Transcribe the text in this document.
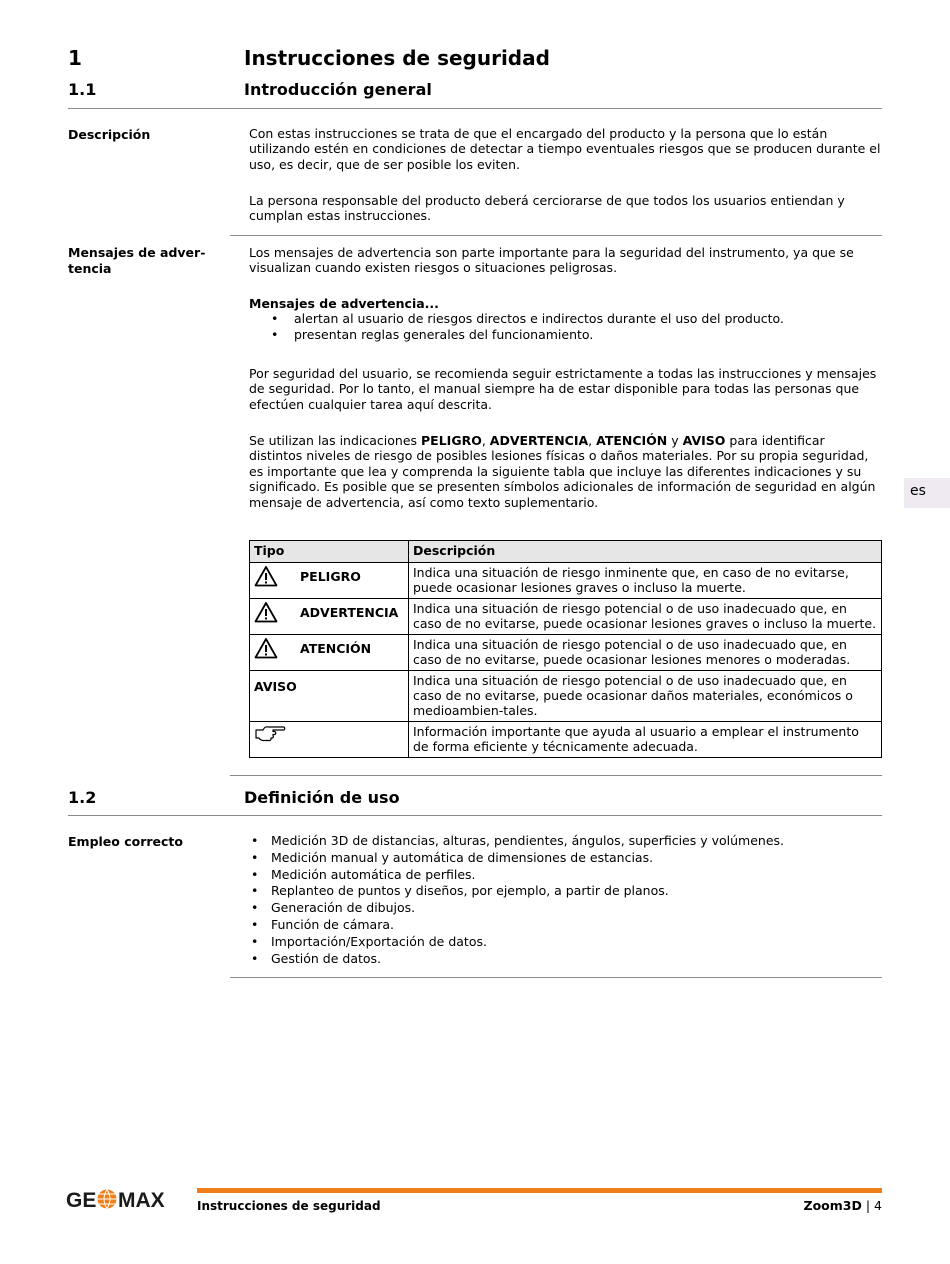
1	Instrucciones de seguridad
1.1	Introducción general
Descripción	Con estas instrucciones se trata de que el encargado del producto y la persona que lo están utilizando estén en condiciones de detectar a tiempo eventuales riesgos que se producen durante el uso, es decir, que de ser posible los eviten.
La persona responsable del producto deberá cerciorarse de que todos los usuarios entiendan y cumplan estas instrucciones.
Mensajes de adver-tencia
Los mensajes de advertencia son parte importante para la seguridad del instrumento, ya que se visualizan cuando existen riesgos o situaciones peligrosas.
Mensajes de advertencia...
• alertan al usuario de riesgos directos e indirectos durante el uso del producto.
• presentan reglas generales del funcionamiento.
Por seguridad del usuario, se recomienda seguir estrictamente a todas las instrucciones y mensajes de seguridad. Por lo tanto, el manual siempre ha de estar disponible para todas las personas que efectúen cualquier tarea aquí descrita.
Se utilizan las indicaciones PELIGRO, ADVERTENCIA, ATENCIÓN y AVISO para identificar distintos niveles de riesgo de posibles lesiones físicas o daños materiales. Por su propia seguridad, es importante que lea y comprenda la siguiente tabla que incluye las diferentes indicaciones y su significado. Es posible que se presenten símbolos adicionales de información de seguridad en algún mensaje de advertencia, así como texto suplementario.
Tipo	Descripción

PELIGRO	Indica una situación de riesgo inminente que, en caso de no evitarse, puede ocasionar lesiones graves o incluso la muerte.

ADVERTENCIA	Indica una situación de riesgo potencial o de uso inadecuado que, en caso de no evitarse, puede ocasionar lesiones graves o incluso la muerte.

ATENCIÓN	Indica una situación de riesgo potencial o de uso inadecuado que, en caso de no evitarse, puede ocasionar lesiones menores o moderadas.

AVISO	Indica una situación de riesgo potencial o de uso inadecuado que, en caso de no evitarse, puede ocasionar daños materiales, económicos o medioambien-tales.
	Información importante que ayuda al usuario a emplear el instrumento de forma eficiente y técnicamente adecuada.
1.2	Definición de uso
Empleo correcto	• Medición 3D de distancias, alturas, pendientes, ángulos, superficies y volúmenes.
• Medición manual y automática de dimensiones de estancias.
• Medición automática de perfiles.
• Replanteo de puntos y diseños, por ejemplo, a partir de planos.
• Generación de dibujos.
• Función de cámara.
• Importación/Exportación de datos.
• Gestión de datos.
es
GE MAX	Instrucciones de seguridad	Zoom3D | 4
